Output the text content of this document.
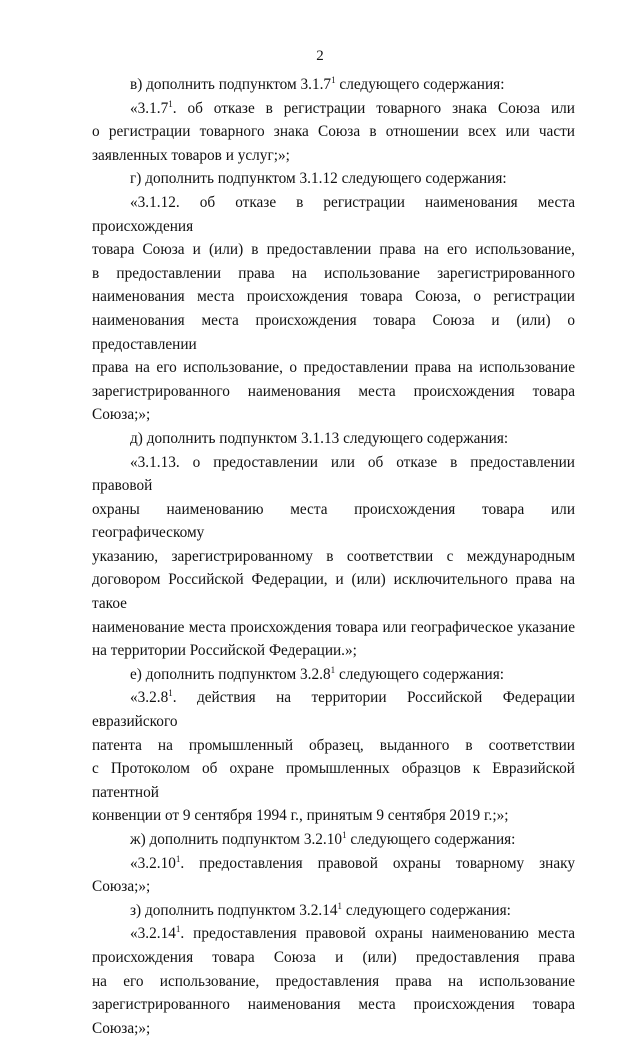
2
в) дополнить подпунктом 3.1.7$^1$ следующего содержания:
«3.1.7$^1$. об отказе в регистрации товарного знака Союза или
о регистрации товарного знака Союза в отношении всех или части
заявленных товаров и услуг;»;
г) дополнить подпунктом 3.1.12 следующего содержания:
«3.1.12. об отказе в регистрации наименования места происхождения
товара Союза и (или) в предоставлении права на его использование,
в предоставлении права на использование зарегистрированного
наименования места происхождения товара Союза, о регистрации
наименования места происхождения товара Союза и (или) о предоставлении
права на его использование, о предоставлении права на использование
зарегистрированного наименования места происхождения товара Союза;»;
д) дополнить подпунктом 3.1.13 следующего содержания:
«3.1.13. о предоставлении или об отказе в предоставлении правовой
охраны наименованию места происхождения товара или географическому
указанию, зарегистрированному в соответствии с международным
договором Российской Федерации, и (или) исключительного права на такое
наименование места происхождения товара или географическое указание
на территории Российской Федерации.»;
е) дополнить подпунктом 3.2.8$^1$ следующего содержания:
«3.2.8$^1$. действия на территории Российской Федерации евразийского
патента на промышленный образец, выданного в соответствии
с Протоколом об охране промышленных образцов к Евразийской патентной
конвенции от 9 сентября 1994 г., принятым 9 сентября 2019 г.;»;
ж) дополнить подпунктом 3.2.10$^1$ следующего содержания:
«3.2.10$^1$. предоставления правовой охраны товарному знаку Союза;»;
з) дополнить подпунктом 3.2.14$^1$ следующего содержания:
«3.2.14$^1$. предоставления правовой охраны наименованию места
происхождения товара Союза и (или) предоставления права
на его использование, предоставления права на использование
зарегистрированного наименования места происхождения товара Союза;»;
